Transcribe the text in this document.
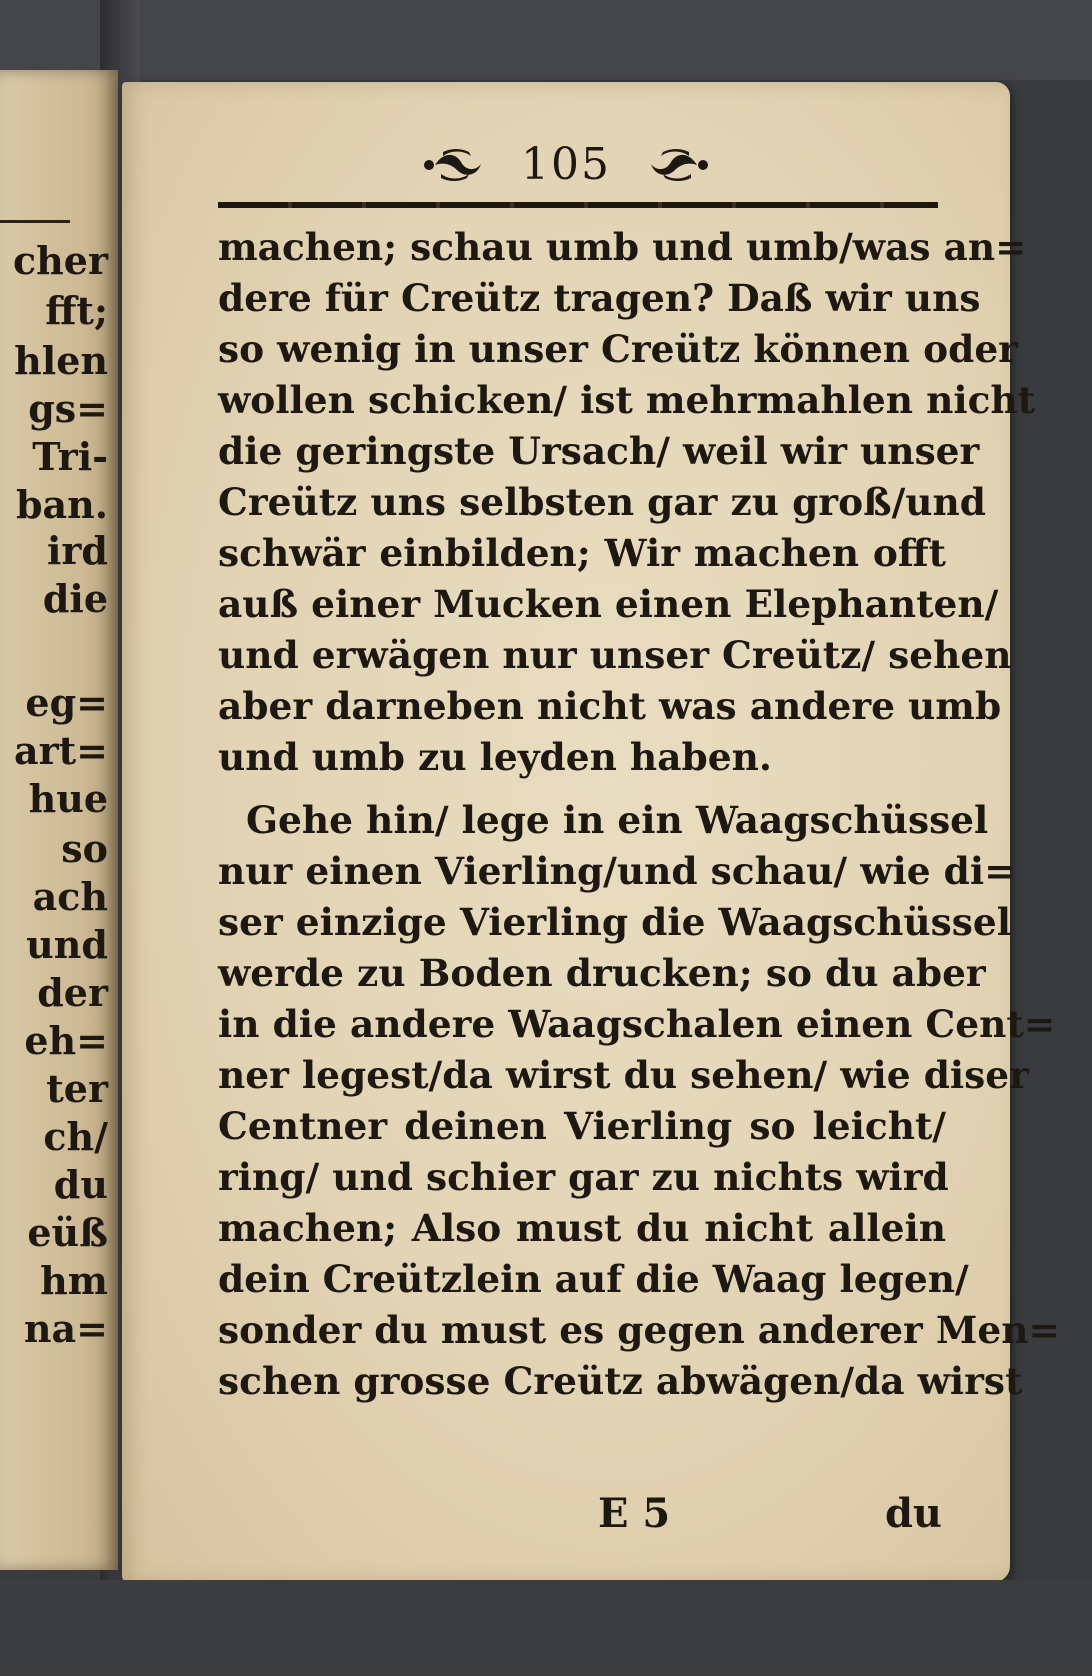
cher
fft;
hlen
gs=
Tri-
ban.
ird
die
eg=
art=
hue
so
ach
und
der
eh=
ter
ch/
du
eüß
hm
na=
105
machen; schau umb und umb/was an=
dere für Creütz tragen? Daß wir uns
so wenig in unser Creütz können oder
wollen schicken/ ist mehrmahlen nicht
die geringste Ursach/ weil wir unser
Creütz uns selbsten gar zu groß/und
schwär einbilden; Wir machen offt
auß einer Mucken einen Elephanten/
und erwägen nur unser Creütz/ sehen
aber darneben nicht was andere umb
und umb zu leyden haben.
Gehe hin/ lege in ein Waagschüssel
nur einen Vierling/und schau/ wie di=
ser einzige Vierling die Waagschüssel
werde zu Boden drucken; so du aber
in die andere Waagschalen einen Cent=
ner legest/da wirst du sehen/ wie diser
Centner deinen Vierling so leicht/
ring/ und schier gar zu nichts wird
machen; Also must du nicht allein
dein Creützlein auf die Waag legen/
sonder du must es gegen anderer Men=
schen grosse Creütz abwägen/da wirst
E 5	du
